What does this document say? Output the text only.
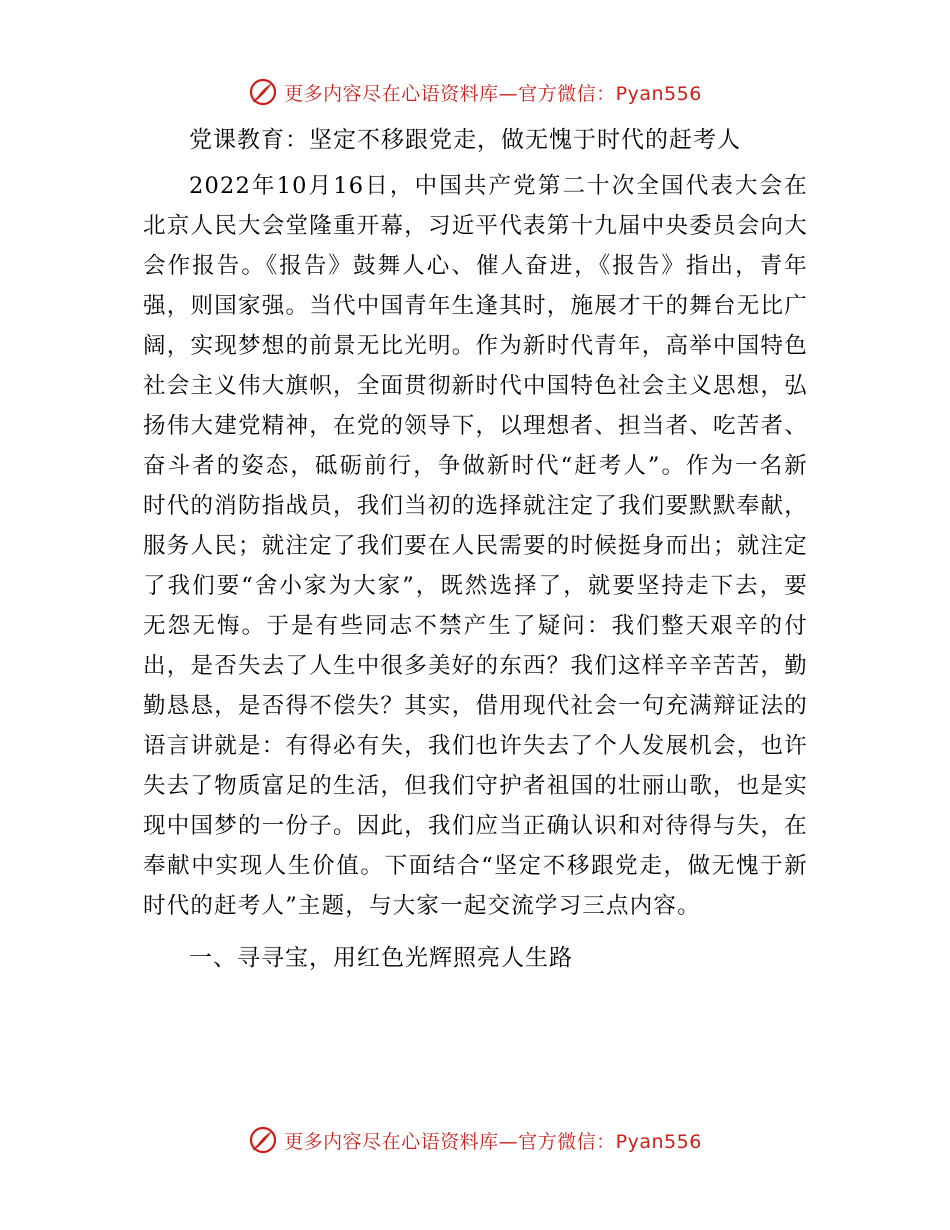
更多内容尽在心语资料库—官方微信：Pyan556

党课教育：坚定不移跟党走，做无愧于时代的赶考人

2022年10月16日，中国共产党第二十次全国代表大会在北京人民大会堂隆重开幕，习近平代表第十九届中央委员会向大会作报告。《报告》鼓舞人心、催人奋进，《报告》指出，青年强，则国家强。当代中国青年生逢其时，施展才干的舞台无比广阔，实现梦想的前景无比光明。作为新时代青年，高举中国特色社会主义伟大旗帜，全面贯彻新时代中国特色社会主义思想，弘扬伟大建党精神，在党的领导下，以理想者、担当者、吃苦者、奋斗者的姿态，砥砺前行，争做新时代“赶考人”。作为一名新时代的消防指战员，我们当初的选择就注定了我们要默默奉献，服务人民；就注定了我们要在人民需要的时候挺身而出；就注定了我们要“舍小家为大家”，既然选择了，就要坚持走下去，要无怨无悔。于是有些同志不禁产生了疑问：我们整天艰辛的付出，是否失去了人生中很多美好的东西？我们这样辛辛苦苦，勤勤恳恳，是否得不偿失？其实，借用现代社会一句充满辩证法的语言讲就是：有得必有失，我们也许失去了个人发展机会，也许失去了物质富足的生活，但我们守护者祖国的壮丽山歌，也是实现中国梦的一份子。因此，我们应当正确认识和对待得与失，在奉献中实现人生价值。下面结合“坚定不移跟党走，做无愧于新时代的赶考人”主题，与大家一起交流学习三点内容。

一、寻寻宝，用红色光辉照亮人生路

更多内容尽在心语资料库—官方微信：Pyan556
